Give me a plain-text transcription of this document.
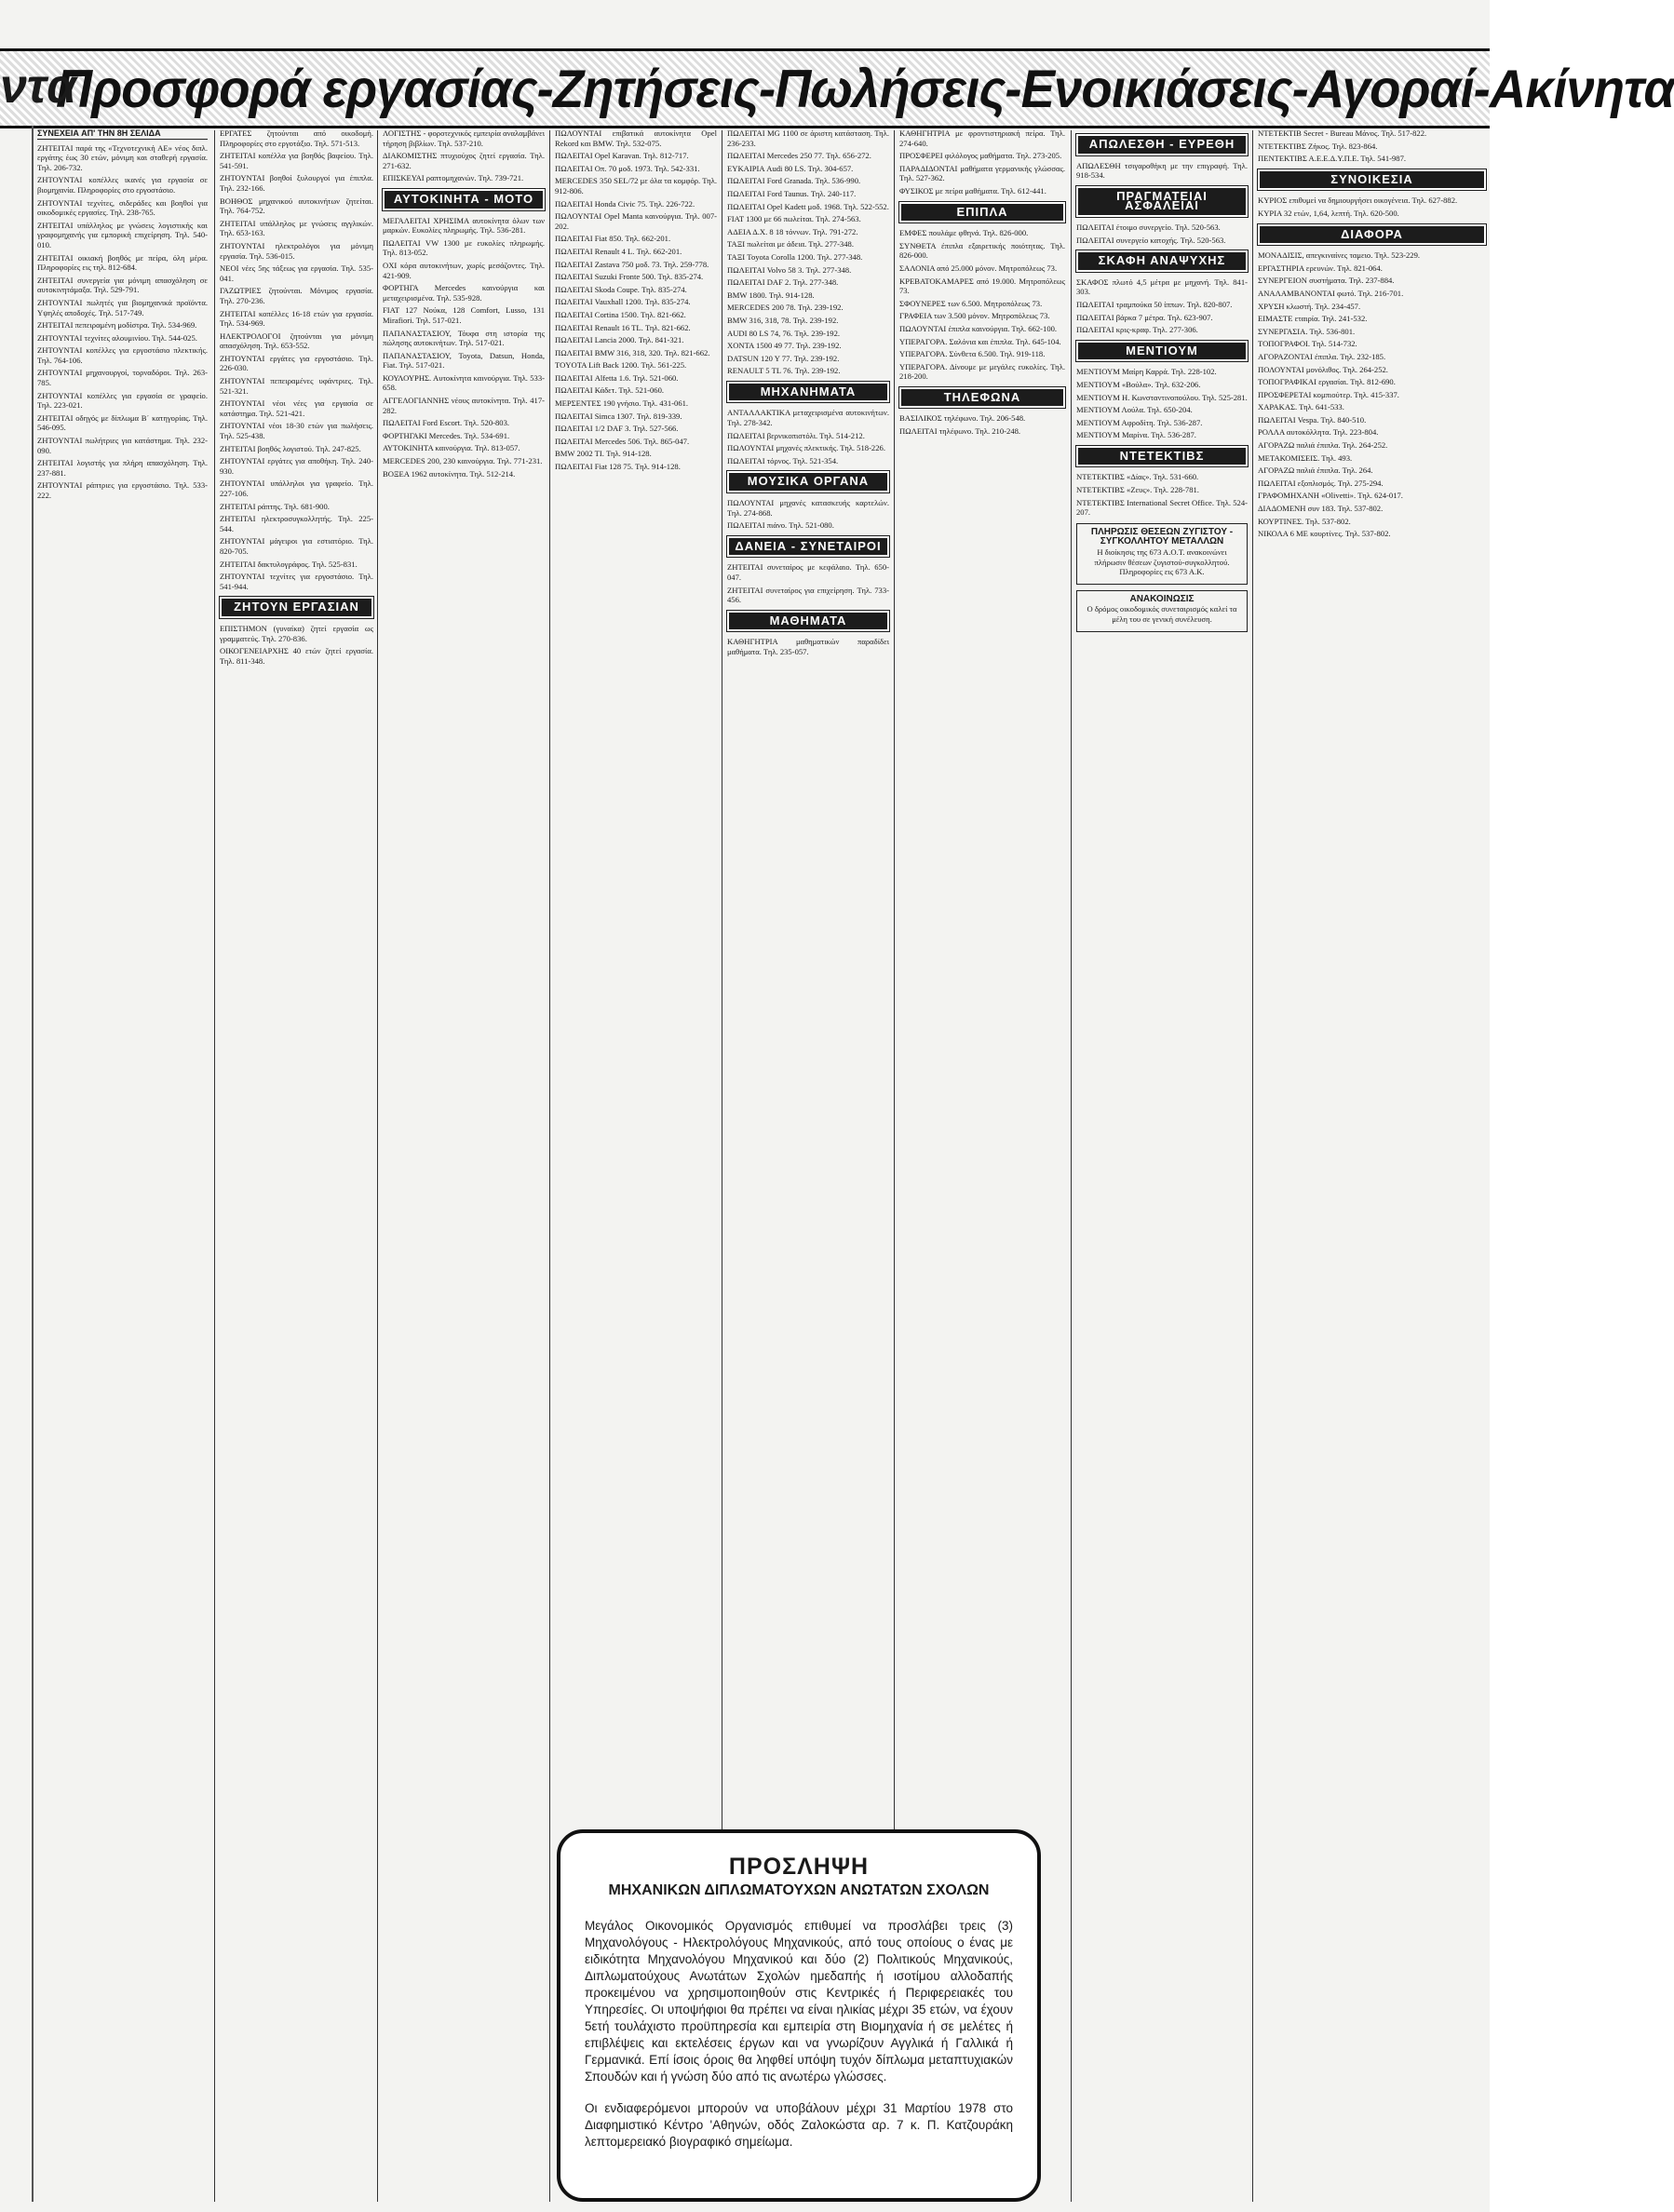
Προσφορά εργασίας-Ζητήσεις-Πωλήσεις-Ενοικιάσεις-Αγοραί-Ακίνητα
ντα
ΣΥΝΕΧΕΙΑ ΑΠ' ΤΗΝ 8Η ΣΕΛΙΔΑ

ΖΗΤΕΙΤΑΙ παρά της «Τεχνοτεχνική ΑΕ» νέος διπλ. εργάτης έως 30 ετών, μόνιμη και σταθερή εργασία. Τηλ. 206-732.

ΖΗΤΟΥΝΤΑΙ κοπέλλες ικανές για εργασία σε βιομηχανία. Πληροφορίες στο εργοστάσιο.

ΖΗΤΟΥΝΤΑΙ τεχνίτες, σιδεράδες και βοηθοί για οικοδομικές εργασίες. Τηλ. 238-765.

ΖΗΤΕΙΤΑΙ υπάλληλος με γνώσεις λογιστικής και γραφομηχανής για εμπορική επιχείρηση. Τηλ. 540-010.

ΖΗΤΕΙΤΑΙ οικιακή βοηθός με πείρα, όλη μέρα. Πληροφορίες εις τηλ. 812-684.

ΖΗΤΕΙΤΑΙ συνεργεία για μόνιμη απασχόληση σε αυτοκινητάμαξα. Τηλ. 529-791.

ΖΗΤΟΥΝΤΑΙ πωλητές για βιομηχανικά προϊόντα. Υψηλές αποδοχές. Τηλ. 517-749.

ΖΗΤΕΙΤΑΙ πεπειραμένη μοδίστρα. Τηλ. 534-969.

ΖΗΤΟΥΝΤΑΙ τεχνίτες αλουμινίου. Τηλ. 544-025.

ΖΗΤΟΥΝΤΑΙ κοπέλλες για εργοστάσιο πλεκτικής. Τηλ. 764-106.

ΖΗΤΟΥΝΤΑΙ μηχανουργοί, τορναδόροι. Τηλ. 263-785.

ΖΗΤΟΥΝΤΑΙ κοπέλλες για εργασία σε γραφείο. Τηλ. 223-021.

ΖΗΤΕΙΤΑΙ οδηγός με δίπλωμα Β΄ κατηγορίας. Τηλ. 546-095.

ΖΗΤΟΥΝΤΑΙ πωλήτριες για κατάστημα. Τηλ. 232-090.

ΖΗΤΕΙΤΑΙ λογιστής για πλήρη απασχόληση. Τηλ. 237-881.

ΖΗΤΟΥΝΤΑΙ ράπτριες για εργοστάσιο. Τηλ. 533-222.

ΕΡΓΑΤΕΣ ζητούνται από οικοδομή. Πληροφορίες στο εργοτάξιο. Τηλ. 571-513.

ΖΗΤΕΙΤΑΙ κοπέλλα για βοηθός βαφείου. Τηλ. 541-591.

ΖΗΤΟΥΝΤΑΙ βοηθοί ξυλουργοί για έπιπλα. Τηλ. 232-166.

ΒΟΗΘΟΣ μηχανικού αυτοκινήτων ζητείται. Τηλ. 764-752.

ΖΗΤΕΙΤΑΙ υπάλληλος με γνώσεις αγγλικών. Τηλ. 653-163.

ΖΗΤΟΥΝΤΑΙ ηλεκτρολόγοι για μόνιμη εργασία. Τηλ. 536-015.

ΝΕΟΙ νέες 5ης τάξεως για εργασία. Τηλ. 535-041.

ΓΑΖΩΤΡΙΕΣ ζητούνται. Μόνιμος εργασία. Τηλ. 270-236.

ΖΗΤΕΙΤΑΙ κοπέλλες 16-18 ετών για εργασία. Τηλ. 534-969.

ΗΛΕΚΤΡΟΛΟΓΟΙ ζητούνται για μόνιμη απασχόληση. Τηλ. 653-552.

ΖΗΤΟΥΝΤΑΙ εργάτες για εργοστάσιο. Τηλ. 226-030.

ΖΗΤΟΥΝΤΑΙ πεπειραμένες υφάντριες. Τηλ. 521-321.

ΖΗΤΟΥΝΤΑΙ νέοι νέες για εργασία σε κατάστημα. Τηλ. 521-421.

ΖΗΤΟΥΝΤΑΙ νέοι 18-30 ετών για πωλήσεις. Τηλ. 525-438.

ΖΗΤΕΙΤΑΙ βοηθός λογιστού. Τηλ. 247-825.

ΖΗΤΟΥΝΤΑΙ εργάτες για αποθήκη. Τηλ. 240-930.

ΖΗΤΟΥΝΤΑΙ υπάλληλοι για γραφείο. Τηλ. 227-106.

ΖΗΤΕΙΤΑΙ ράπτης. Τηλ. 681-900.

ΖΗΤΕΙΤΑΙ ηλεκτροσυγκολλητής. Τηλ. 225-544.

ΖΗΤΟΥΝΤΑΙ μάγειροι για εστιατόριο. Τηλ. 820-705.

ΖΗΤΕΙΤΑΙ δακτυλογράφος. Τηλ. 525-831.

ΖΗΤΟΥΝΤΑΙ τεχνίτες για εργοστάσιο. Τηλ. 541-944.

ΖΗΤΟΥΝ ΕΡΓΑΣΙΑΝ

ΕΠΙΣΤΗΜΟΝ (γυναίκα) ζητεί εργασία ως γραμματεύς. Τηλ. 270-836.

ΟΙΚΟΓΕΝΕΙΑΡΧΗΣ 40 ετών ζητεί εργασία. Τηλ. 811-348.

ΛΟΓΙΣΤΗΣ - φοροτεχνικός εμπειρία αναλαμβάνει τήρηση βιβλίων. Τηλ. 537-210.

ΔΙΑΚΟΜΙΣΤΗΣ πτυχιούχος ζητεί εργασία. Τηλ. 271-632.

ΕΠΙΣΚΕΥΑΙ ραπτομηχανών. Τηλ. 739-721.

ΑΥΤΟΚΙΝΗΤΑ - ΜΟΤΟ

ΜΕΓΑΛΕΙΤΑΙ ΧΡΗΣΙΜΑ αυτοκίνητα όλων των μαρκών. Ευκολίες πληρωμής. Τηλ. 536-281.

ΠΩΛΕΙΤΑΙ VW 1300 με ευκολίες πληρωμής. Τηλ. 813-052.

ΟΧΙ κόρα αυτοκινήτων, χωρίς μεσάζοντες. Τηλ. 421-909.

ΦΟΡΤΗΓΑ Mercedes καινούργια και μεταχειρισμένα. Τηλ. 535-928.

FIAT 127 Νούκα, 128 Comfort, Lusso, 131 Mirafiori. Τηλ. 517-021.

ΠΑΠΑΝΑΣΤΑΣΙΟΥ, Τόυφα στη ιστορία της πώλησης αυτοκινήτων. Τηλ. 517-021.

ΠΑΠΑΝΑΣΤΑΣΙΟΥ, Toyota, Datsun, Honda, Fiat. Τηλ. 517-021.

ΚΟΥΛΟΥΡΗΣ. Αυτοκίνητα καινούργια. Τηλ. 533-658.

ΑΓΓΕΛΟΓΙΑΝΝΗΣ νέους αυτοκίνητα. Τηλ. 417-282.

ΠΩΛΕΙΤΑΙ Ford Escort. Τηλ. 520-803.

ΦΟΡΤΗΓΑΚΙ Mercedes. Τηλ. 534-691.

ΑΥΤΟΚΙΝΗΤΑ καινούργια. Τηλ. 813-057.

MERCEDES 200, 230 καινούργια. Τηλ. 771-231.

ΒΟΞΕΑ 1962 αυτοκίνητα. Τηλ. 512-214.

ΠΩΛΟΥΝΤΑΙ επιβατικά αυτοκίνητα Opel Rekord και BMW. Τηλ. 532-075.

ΠΩΛΕΙΤΑΙ Opel Karavan. Τηλ. 812-717.

ΠΩΛΕΙΤΑΙ Οπ. 70 μοδ. 1973. Τηλ. 542-331.

MERCEDES 350 SEL/72 με όλα τα κομφόρ. Τηλ. 912-806.

ΠΩΛΕΙΤΑΙ Honda Civic 75. Τηλ. 226-722.

ΠΩΛΟΥΝΤΑΙ Opel Manta καινούργια. Τηλ. 007-202.

ΠΩΛΕΙΤΑΙ Fiat 850. Τηλ. 662-201.

ΠΩΛΕΙΤΑΙ Renault 4 L. Τηλ. 662-201.

ΠΩΛΕΙΤΑΙ Zastava 750 μοδ. 73. Τηλ. 259-778.

ΠΩΛΕΙΤΑΙ Suzuki Fronte 500. Τηλ. 835-274.

ΠΩΛΕΙΤΑΙ Skoda Coupe. Τηλ. 835-274.

ΠΩΛΕΙΤΑΙ Vauxhall 1200. Τηλ. 835-274.

ΠΩΛΕΙΤΑΙ Cortina 1500. Τηλ. 821-662.

ΠΩΛΕΙΤΑΙ Renault 16 TL. Τηλ. 821-662.

ΠΩΛΕΙΤΑΙ Lancia 2000. Τηλ. 841-321.

ΠΩΛΕΙΤΑΙ BMW 316, 318, 320. Τηλ. 821-662.

TOYOTA Lift Back 1200. Τηλ. 561-225.

ΠΩΛΕΙΤΑΙ Alfetta 1.6. Τηλ. 521-060.

ΠΩΛΕΙΤΑΙ Κάδετ. Τηλ. 521-060.

ΜΕΡΣΕΝΤΕΣ 190 γνήσιο. Τηλ. 431-061.

ΠΩΛΕΙΤΑΙ Simca 1307. Τηλ. 819-339.

ΠΩΛΕΙΤΑΙ 1/2 DAF 3. Τηλ. 527-566.

ΠΩΛΕΙΤΑΙ Mercedes 506. Τηλ. 865-047.

BMW 2002 TI. Τηλ. 914-128.

ΠΩΛΕΙΤΑΙ Fiat 128 75. Τηλ. 914-128.

ΠΩΛΕΙΤΑΙ MG 1100 σε άριστη κατάσταση. Τηλ. 236-233.

ΠΩΛΕΙΤΑΙ Mercedes 250 77. Τηλ. 656-272.

ΕΥΚΑΙΡΙΑ Audi 80 LS. Τηλ. 304-657.

ΠΩΛΕΙΤΑΙ Ford Granada. Τηλ. 536-990.

ΠΩΛΕΙΤΑΙ Ford Taunus. Τηλ. 240-117.

ΠΩΛΕΙΤΑΙ Opel Kadett μοδ. 1968. Τηλ. 522-552.

FIAT 1300 με 66 πωλείται. Τηλ. 274-563.

ΑΔΕΙΑ Δ.Χ. 8 18 τόννων. Τηλ. 791-272.

ΤΑΞΙ πωλείται με άδεια. Τηλ. 277-348.

ΤΑΞΙ Toyota Corolla 1200. Τηλ. 277-348.

ΠΩΛΕΙΤΑΙ Volvo 58 3. Τηλ. 277-348.

ΠΩΛΕΙΤΑΙ DAF 2. Τηλ. 277-348.

BMW 1800. Τηλ. 914-128.

MERCEDES 200 78. Τηλ. 239-192.

BMW 316, 318, 78. Τηλ. 239-192.

AUDI 80 LS 74, 76. Τηλ. 239-192.

ΧΟΝΤΑ 1500 49 77. Τηλ. 239-192.

DATSUN 120 Y 77. Τηλ. 239-192.

RENAULT 5 TL 76. Τηλ. 239-192.

ΜΗΧΑΝΗΜΑΤΑ

ΑΝΤΑΛΛΑΚΤΙΚΑ μεταχειρισμένα αυτοκινήτων. Τηλ. 278-342.

ΠΩΛΕΙΤΑΙ βερνικοπιστόλι. Τηλ. 514-212.

ΠΩΛΟΥΝΤΑΙ μηχανές πλεκτικής. Τηλ. 518-226.

ΠΩΛΕΙΤΑΙ τόρνος. Τηλ. 521-354.

ΜΟΥΣΙΚΑ ΟΡΓΑΝΑ

ΠΩΛΟΥΝΤΑΙ μηχανές κατασκευής καρτελών. Τηλ. 274-868.

ΠΩΛΕΙΤΑΙ πιάνο. Τηλ. 521-080.

ΔΑΝΕΙΑ - ΣΥΝΕΤΑΙΡΟΙ

ΖΗΤΕΙΤΑΙ συνεταίρος με κεφάλαιο. Τηλ. 650-047.

ΖΗΤΕΙΤΑΙ συνεταίρος για επιχείρηση. Τηλ. 733-456.

ΜΑΘΗΜΑΤΑ

ΚΑΘΗΓΗΤΡΙΑ μαθηματικών παραδίδει μαθήματα. Τηλ. 235-057.

ΚΑΘΗΓΗΤΡΙΑ με φροντιστηριακή πείρα. Τηλ. 274-640.

ΠΡΟΣΦΕΡΕΙ φιλόλογος μαθήματα. Τηλ. 273-205.

ΠΑΡΑΔΙΔΟΝΤΑΙ μαθήματα γερμανικής γλώσσας. Τηλ. 527-362.

ΦΥΣΙΚΟΣ με πείρα μαθήματα. Τηλ. 612-441.

ΕΠΙΠΛΑ

ΕΜΦΕΣ πουλάμε φθηνά. Τηλ. 826-000.

ΣΥΝΘΕΤΑ έπιπλα εξαιρετικής ποιότητας. Τηλ. 826-000.

ΣΑΛΟΝΙΑ από 25.000 μόνον. Μητροπόλεως 73.

ΚΡΕΒΑΤΟΚΑΜΑΡΕΣ από 19.000. Μητροπόλεως 73.

ΣΦΟΥΝΕΡΕΣ των 6.500. Μητροπόλεως 73.

ΓΡΑΦΕΙΑ των 3.500 μόνον. Μητροπόλεως 73.

ΠΩΛΟΥΝΤΑΙ έπιπλα καινούργια. Τηλ. 662-100.

ΥΠΕΡΑΓΟΡΑ. Σαλόνια και έπιπλα. Τηλ. 645-104.

ΥΠΕΡΑΓΟΡΑ. Σύνθετα 6.500. Τηλ. 919-118.

ΥΠΕΡΑΓΟΡΑ. Δίνουμε με μεγάλες ευκολίες. Τηλ. 218-200.

ΤΗΛΕΦΩΝΑ

ΒΑΣΙΛΙΚΟΣ τηλέφωνο. Τηλ. 206-548.

ΠΩΛΕΙΤΑΙ τηλέφωνο. Τηλ. 210-248.

ΑΠΩΛΕΣΘΗ - ΕΥΡΕΘΗ

ΑΠΩΛΕΣΘΗ τσιγαροθήκη με την επιγραφή. Τηλ. 918-534.

ΠΡΑΓΜΑΤΕΙΑΙ ΑΣΦΑΛΕΙΑΙ

ΠΩΛΕΙΤΑΙ έτοιμο συνεργείο. Τηλ. 520-563.

ΠΩΛΕΙΤΑΙ συνεργείο κατοχής. Τηλ. 520-563.

ΣΚΑΦΗ ΑΝΑΨΥΧΗΣ

ΣΚΑΦΟΣ πλωτό 4,5 μέτρα με μηχανή. Τηλ. 841-303.

ΠΩΛΕΙΤΑΙ τραμπούκα 50 ίππων. Τηλ. 820-807.

ΠΩΛΕΙΤΑΙ βάρκα 7 μέτρα. Τηλ. 623-907.

ΠΩΛΕΙΤΑΙ κρις-κραφ. Τηλ. 277-306.

ΜΕΝΤΙΟΥΜ

ΜΕΝΤΙΟΥΜ Μαίρη Καρρά. Τηλ. 228-102.

ΜΕΝΤΙΟΥΜ «Βούλα». Τηλ. 632-206.

ΜΕΝΤΙΟΥΜ Η. Κωνσταντινοπούλου. Τηλ. 525-281.

ΜΕΝΤΙΟΥΜ Λούλα. Τηλ. 650-204.

ΜΕΝΤΙΟΥΜ Αφροδίτη. Τηλ. 536-287.

ΜΕΝΤΙΟΥΜ Μαρίνα. Τηλ. 536-287.

ΝΤΕΤΕΚΤΙΒΣ

ΝΤΕΤΕΚΤΙΒΣ «Δίας». Τηλ. 531-660.

ΝΤΕΤΕΚΤΙΒΣ «Ζευς». Τηλ. 228-781.

ΝΤΕΤΕΚΤΙΒΣ International Secret Office. Τηλ. 524-207.

ΠΛΗΡΩΣΙΣ ΘΕΣΕΩΝ ΖΥΓΙΣΤΟΥ - ΣΥΓΚΟΛΛΗΤΟΥ ΜΕΤΑΛΛΩΝ

Η διοίκησις της 673 Α.Ο.Τ. ανακοινώνει πλήρωσιν θέσεων ζυγιστού-συγκολλητού. Πληροφορίες εις 673 Α.Κ.

ΑΝΑΚΟΙΝΩΣΙΣ

Ο δρόμος οικοδομικός συνεταιρισμός καλεί τα μέλη του σε γενική συνέλευση.

ΝΤΕΤΕΚΤΙΒ Secret - Bureau Μάνος. Τηλ. 517-822.

ΝΤΕΤΕΚΤΙΒΣ Ζήκος. Τηλ. 823-864.

ΠΕΝΤΕΚΤΙΒΣ Α.Ε.Ε.Δ.Υ.Π.Ε. Τηλ. 541-987.

ΣΥΝΟΙΚΕΣΙΑ

ΚΥΡΙΟΣ επιθυμεί να δημιουργήσει οικογένεια. Τηλ. 627-882.

ΚΥΡΙΑ 32 ετών, 1,64, λεπτή. Τηλ. 620-500.

ΔΙΑΦΟΡΑ

ΜΟΝΑΔΙΣΙΣ, απεγκιναίνες ταμειο. Τηλ. 523-229.

ΕΡΓΑΣΤΗΡΙΑ ερευνών. Τηλ. 821-064.

ΣΥΝΕΡΓΕΙΟΝ συστήματα. Τηλ. 237-884.

ΑΝΑΛΑΜΒΑΝΟΝΤΑΙ φωτό. Τηλ. 216-701.

ΧΡΥΣΗ κλωστή. Τηλ. 234-457.

ΕΙΜΑΣΤΕ εταιρία. Τηλ. 241-532.

ΣΥΝΕΡΓΑΣΙΑ. Τηλ. 536-801.

ΤΟΠΟΓΡΑΦΟΙ. Τηλ. 514-732.

ΑΓΟΡΑΖΟΝΤΑΙ έπιπλα. Τηλ. 232-185.

ΠΟΛΟΥΝΤΑΙ μονόλιθος. Τηλ. 264-252.

ΤΟΠΟΓΡΑΦΙΚΑΙ εργασίαι. Τηλ. 812-690.

ΠΡΟΣΦΕΡΕΤΑΙ κομπιούτερ. Τηλ. 415-337.

ΧΑΡΑΚΑΣ. Τηλ. 641-533.

ΠΩΛΕΙΤΑΙ Vespa. Τηλ. 840-510.

ΡΟΛΛΑ αυτοκόλλητα. Τηλ. 223-804.

ΑΓΟΡΑΖΩ παλιά έπιπλα. Τηλ. 264-252.

ΜΕΤΑΚΟΜΙΣΕΙΣ. Τηλ. 493.

ΑΓΟΡΑΖΩ παλιά έπιπλα. Τηλ. 264.

ΠΩΛΕΙΤΑΙ εξοπλισμός. Τηλ. 275-294.

ΓΡΑΦΟΜΗΧΑΝΗ «Olivetti». Τηλ. 624-017.

ΔΙΑΔΟΜΕΝΗ συν 183. Τηλ. 537-802.

ΚΟΥΡΤΙΝΕΣ. Τηλ. 537-802.

ΝΙΚΟΛΑ 6 ΜΕ κουρτίνες. Τηλ. 537-802.

ΠΡΟΣΛΗΨΗ
ΜΗΧΑΝΙΚΩΝ ΔΙΠΛΩΜΑΤΟΥΧΩΝ ΑΝΩΤΑΤΩΝ ΣΧΟΛΩΝ

Μεγάλος Οικονομικός Οργανισμός επιθυμεί να προσλάβει τρεις (3) Μηχανολόγους - Ηλεκτρολόγους Μηχανικούς, από τους οποίους ο ένας με ειδικότητα Μηχανολόγου Μηχανικού και δύο (2) Πολιτικούς Μηχανικούς, Διπλωματούχους Ανωτάτων Σχολών ημεδαπής ή ισοτίμου αλλοδαπής προκειμένου να χρησιμοποιηθούν στις Κεντρικές ή Περιφερειακές του Υπηρεσίες. Οι υποψήφιοι θα πρέπει να είναι ηλικίας μέχρι 35 ετών, να έχουν 5ετή τουλάχιστο προϋπηρεσία και εμπειρία στη Βιομηχανία ή σε μελέτες ή επιβλέψεις και εκτελέσεις έργων και να γνωρίζουν Αγγλικά ή Γαλλικά ή Γερμανικά. Επί ίσοις όροις θα ληφθεί υπόψη τυχόν δίπλωμα μεταπτυχιακών Σπουδών και ή γνώση δύο από τις ανωτέρω γλώσσες.

Οι ενδιαφερόμενοι μπορούν να υποβάλουν μέχρι 31 Μαρτίου 1978 στο Διαφημιστικό Κέντρο 'Αθηνών, οδός Ζαλοκώστα αρ. 7 κ. Π. Κατζουράκη λεπτομερειακό βιογραφικό σημείωμα.
